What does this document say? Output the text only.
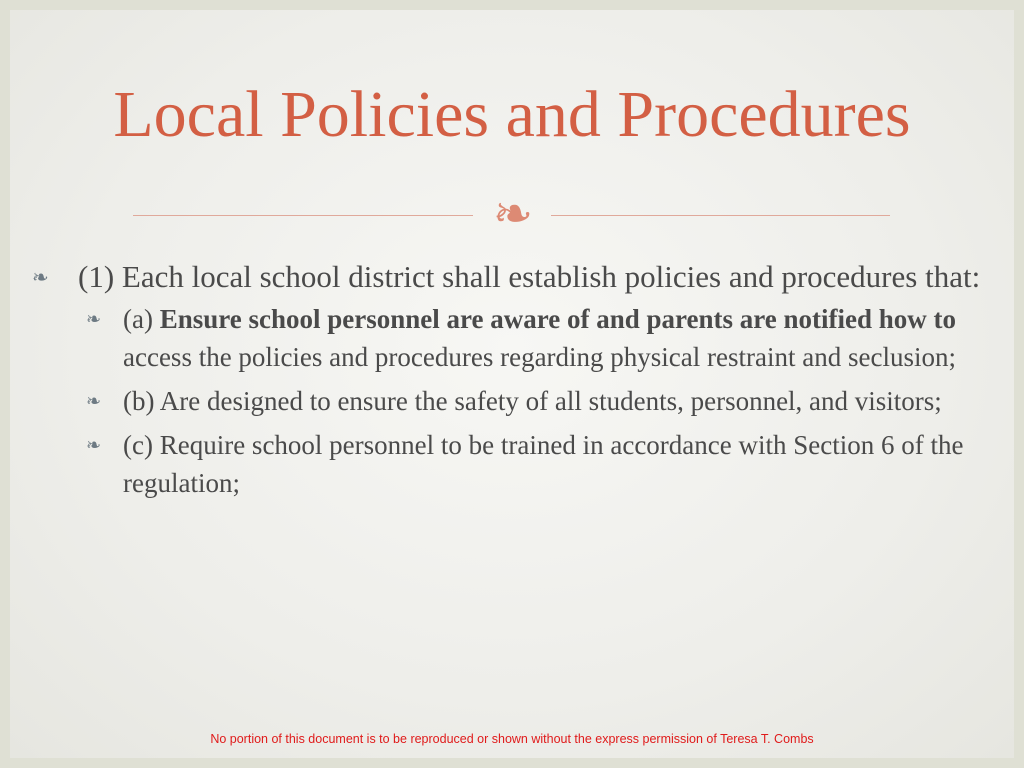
Local Policies and Procedures
❧

❧ (1) Each local school district shall establish policies and procedures that:

❧ (a) Ensure school personnel are aware of and parents are notified how to access the policies and procedures regarding physical restraint and seclusion;

❧ (b) Are designed to ensure the safety of all students, personnel, and visitors;

❧ (c) Require school personnel to be trained in accordance with Section 6 of the regulation;

No portion of this document is to be reproduced or shown without the express permission of Teresa T. Combs
